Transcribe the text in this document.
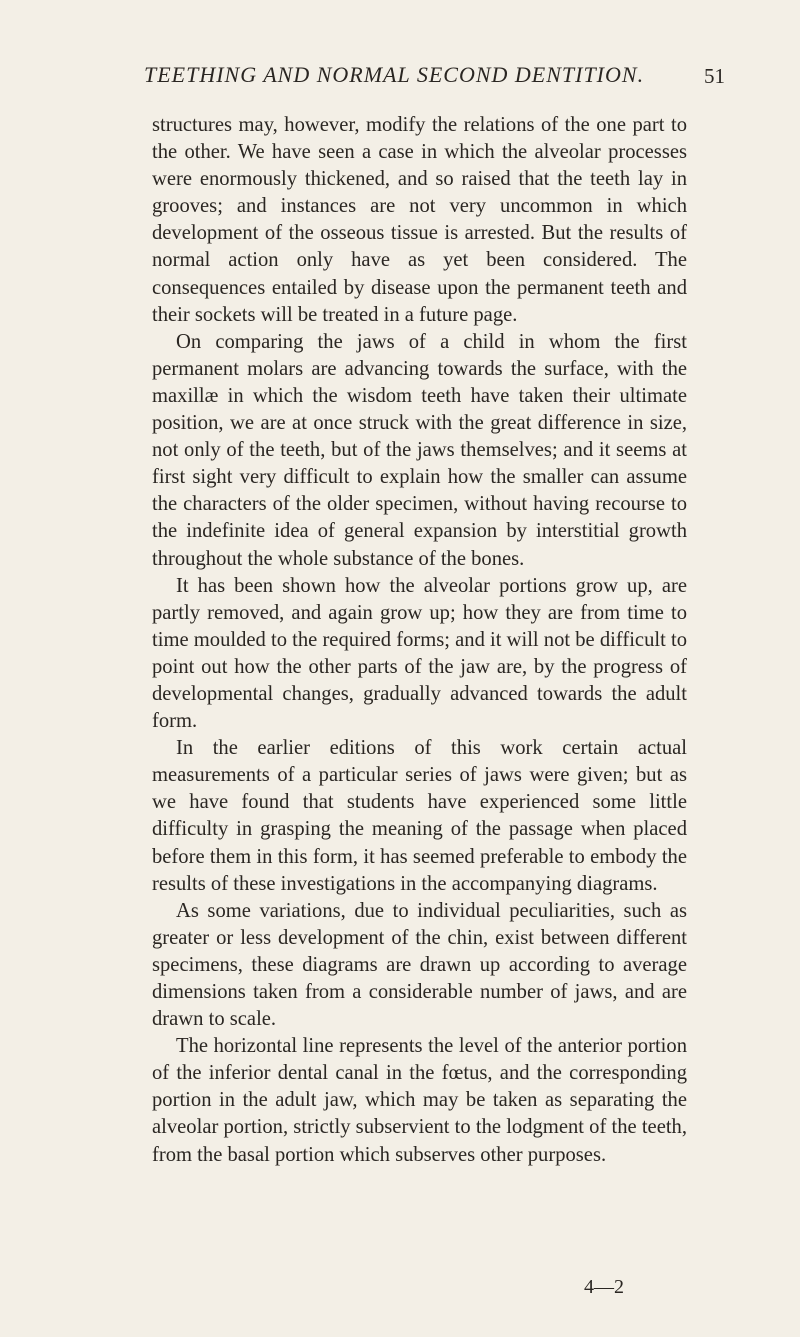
TEETHING AND NORMAL SECOND DENTITION.	51

structures may, however, modify the relations of the one part to the other. We have seen a case in which the alveolar processes were enormously thickened, and so raised that the teeth lay in grooves; and instances are not very uncommon in which development of the osseous tissue is arrested. But the results of normal action only have as yet been considered. The consequences entailed by disease upon the permanent teeth and their sockets will be treated in a future page.

On comparing the jaws of a child in whom the first permanent molars are advancing towards the surface, with the maxillæ in which the wisdom teeth have taken their ultimate position, we are at once struck with the great difference in size, not only of the teeth, but of the jaws themselves; and it seems at first sight very difficult to explain how the smaller can assume the characters of the older specimen, without having recourse to the indefinite idea of general expansion by interstitial growth throughout the whole substance of the bones.

It has been shown how the alveolar portions grow up, are partly removed, and again grow up; how they are from time to time moulded to the required forms; and it will not be difficult to point out how the other parts of the jaw are, by the progress of developmental changes, gradually advanced towards the adult form.

In the earlier editions of this work certain actual measurements of a particular series of jaws were given; but as we have found that students have experienced some little difficulty in grasping the meaning of the passage when placed before them in this form, it has seemed preferable to embody the results of these investigations in the accompanying diagrams.

As some variations, due to individual peculiarities, such as greater or less development of the chin, exist between different specimens, these diagrams are drawn up according to average dimensions taken from a considerable number of jaws, and are drawn to scale.

The horizontal line represents the level of the anterior portion of the inferior dental canal in the fœtus, and the corresponding portion in the adult jaw, which may be taken as separating the alveolar portion, strictly subservient to the lodgment of the teeth, from the basal portion which subserves other purposes.

4—2
